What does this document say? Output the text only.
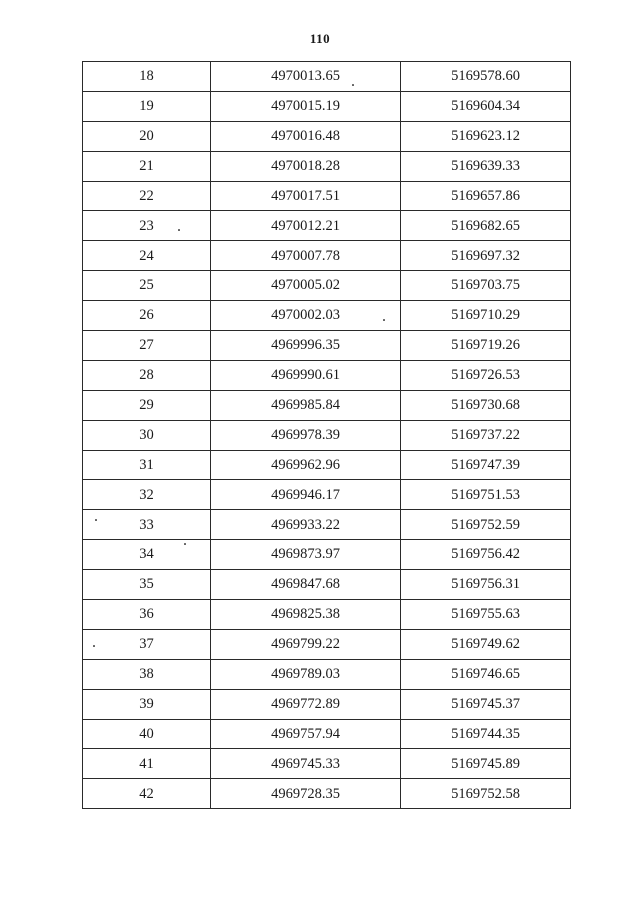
110
18	4970013.65	5169578.60
19	4970015.19	5169604.34
20	4970016.48	5169623.12
21	4970018.28	5169639.33
22	4970017.51	5169657.86
23	4970012.21	5169682.65
24	4970007.78	5169697.32
25	4970005.02	5169703.75
26	4970002.03	5169710.29
27	4969996.35	5169719.26
28	4969990.61	5169726.53
29	4969985.84	5169730.68
30	4969978.39	5169737.22
31	4969962.96	5169747.39
32	4969946.17	5169751.53
33	4969933.22	5169752.59
34	4969873.97	5169756.42
35	4969847.68	5169756.31
36	4969825.38	5169755.63
37	4969799.22	5169749.62
38	4969789.03	5169746.65
39	4969772.89	5169745.37
40	4969757.94	5169744.35
41	4969745.33	5169745.89
42	4969728.35	5169752.58
